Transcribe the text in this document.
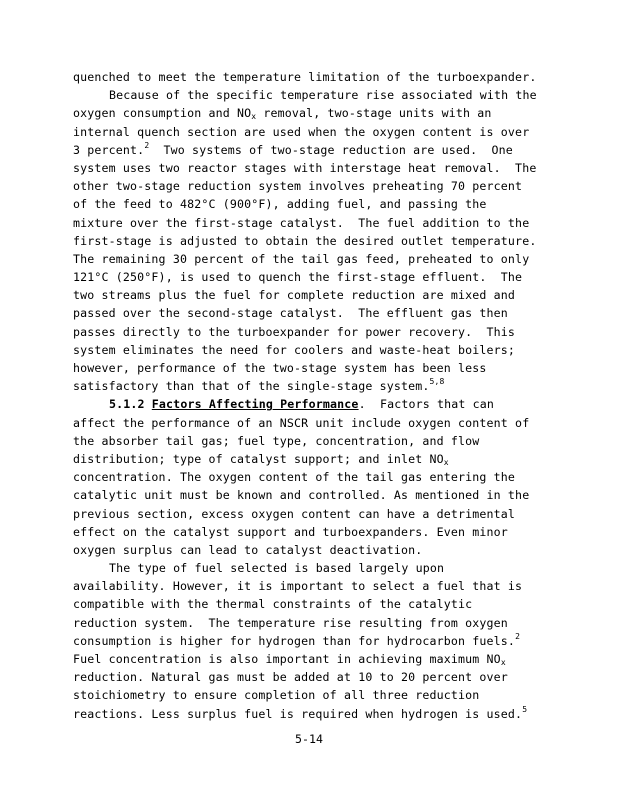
quenched to meet the temperature limitation of the turboexpander.
Because of the specific temperature rise associated with the
oxygen consumption and $NO_x$ removal, two-stage units with an
internal quench section are used when the oxygen content is over
3 percent.$^2$  Two systems of two-stage reduction are used.  One
system uses two reactor stages with interstage heat removal.  The
other two-stage reduction system involves preheating 70 percent
of the feed to 482°C (900°F), adding fuel, and passing the
mixture over the first-stage catalyst.  The fuel addition to the
first-stage is adjusted to obtain the desired outlet temperature.
The remaining 30 percent of the tail gas feed, preheated to only
121°C (250°F), is used to quench the first-stage effluent.  The
two streams plus the fuel for complete reduction are mixed and
passed over the second-stage catalyst.  The effluent gas then
passes directly to the turboexpander for power recovery.  This
system eliminates the need for coolers and waste-heat boilers;
however, performance of the two-stage system has been less
satisfactory than that of the single-stage system.$^{5,8}$
5.1.2 Factors Affecting Performance.  Factors that can
affect the performance of an NSCR unit include oxygen content of
the absorber tail gas; fuel type, concentration, and flow
distribution; type of catalyst support; and inlet $NO_x$
concentration. The oxygen content of the tail gas entering the
catalytic unit must be known and controlled. As mentioned in the
previous section, excess oxygen content can have a detrimental
effect on the catalyst support and turboexpanders. Even minor
oxygen surplus can lead to catalyst deactivation.
The type of fuel selected is based largely upon
availability. However, it is important to select a fuel that is
compatible with the thermal constraints of the catalytic
reduction system.  The temperature rise resulting from oxygen
consumption is higher for hydrogen than for hydrocarbon fuels.$^2$
Fuel concentration is also important in achieving maximum $NO_x$
reduction. Natural gas must be added at 10 to 20 percent over
stoichiometry to ensure completion of all three reduction
reactions. Less surplus fuel is required when hydrogen is used.$^5$
5-14
